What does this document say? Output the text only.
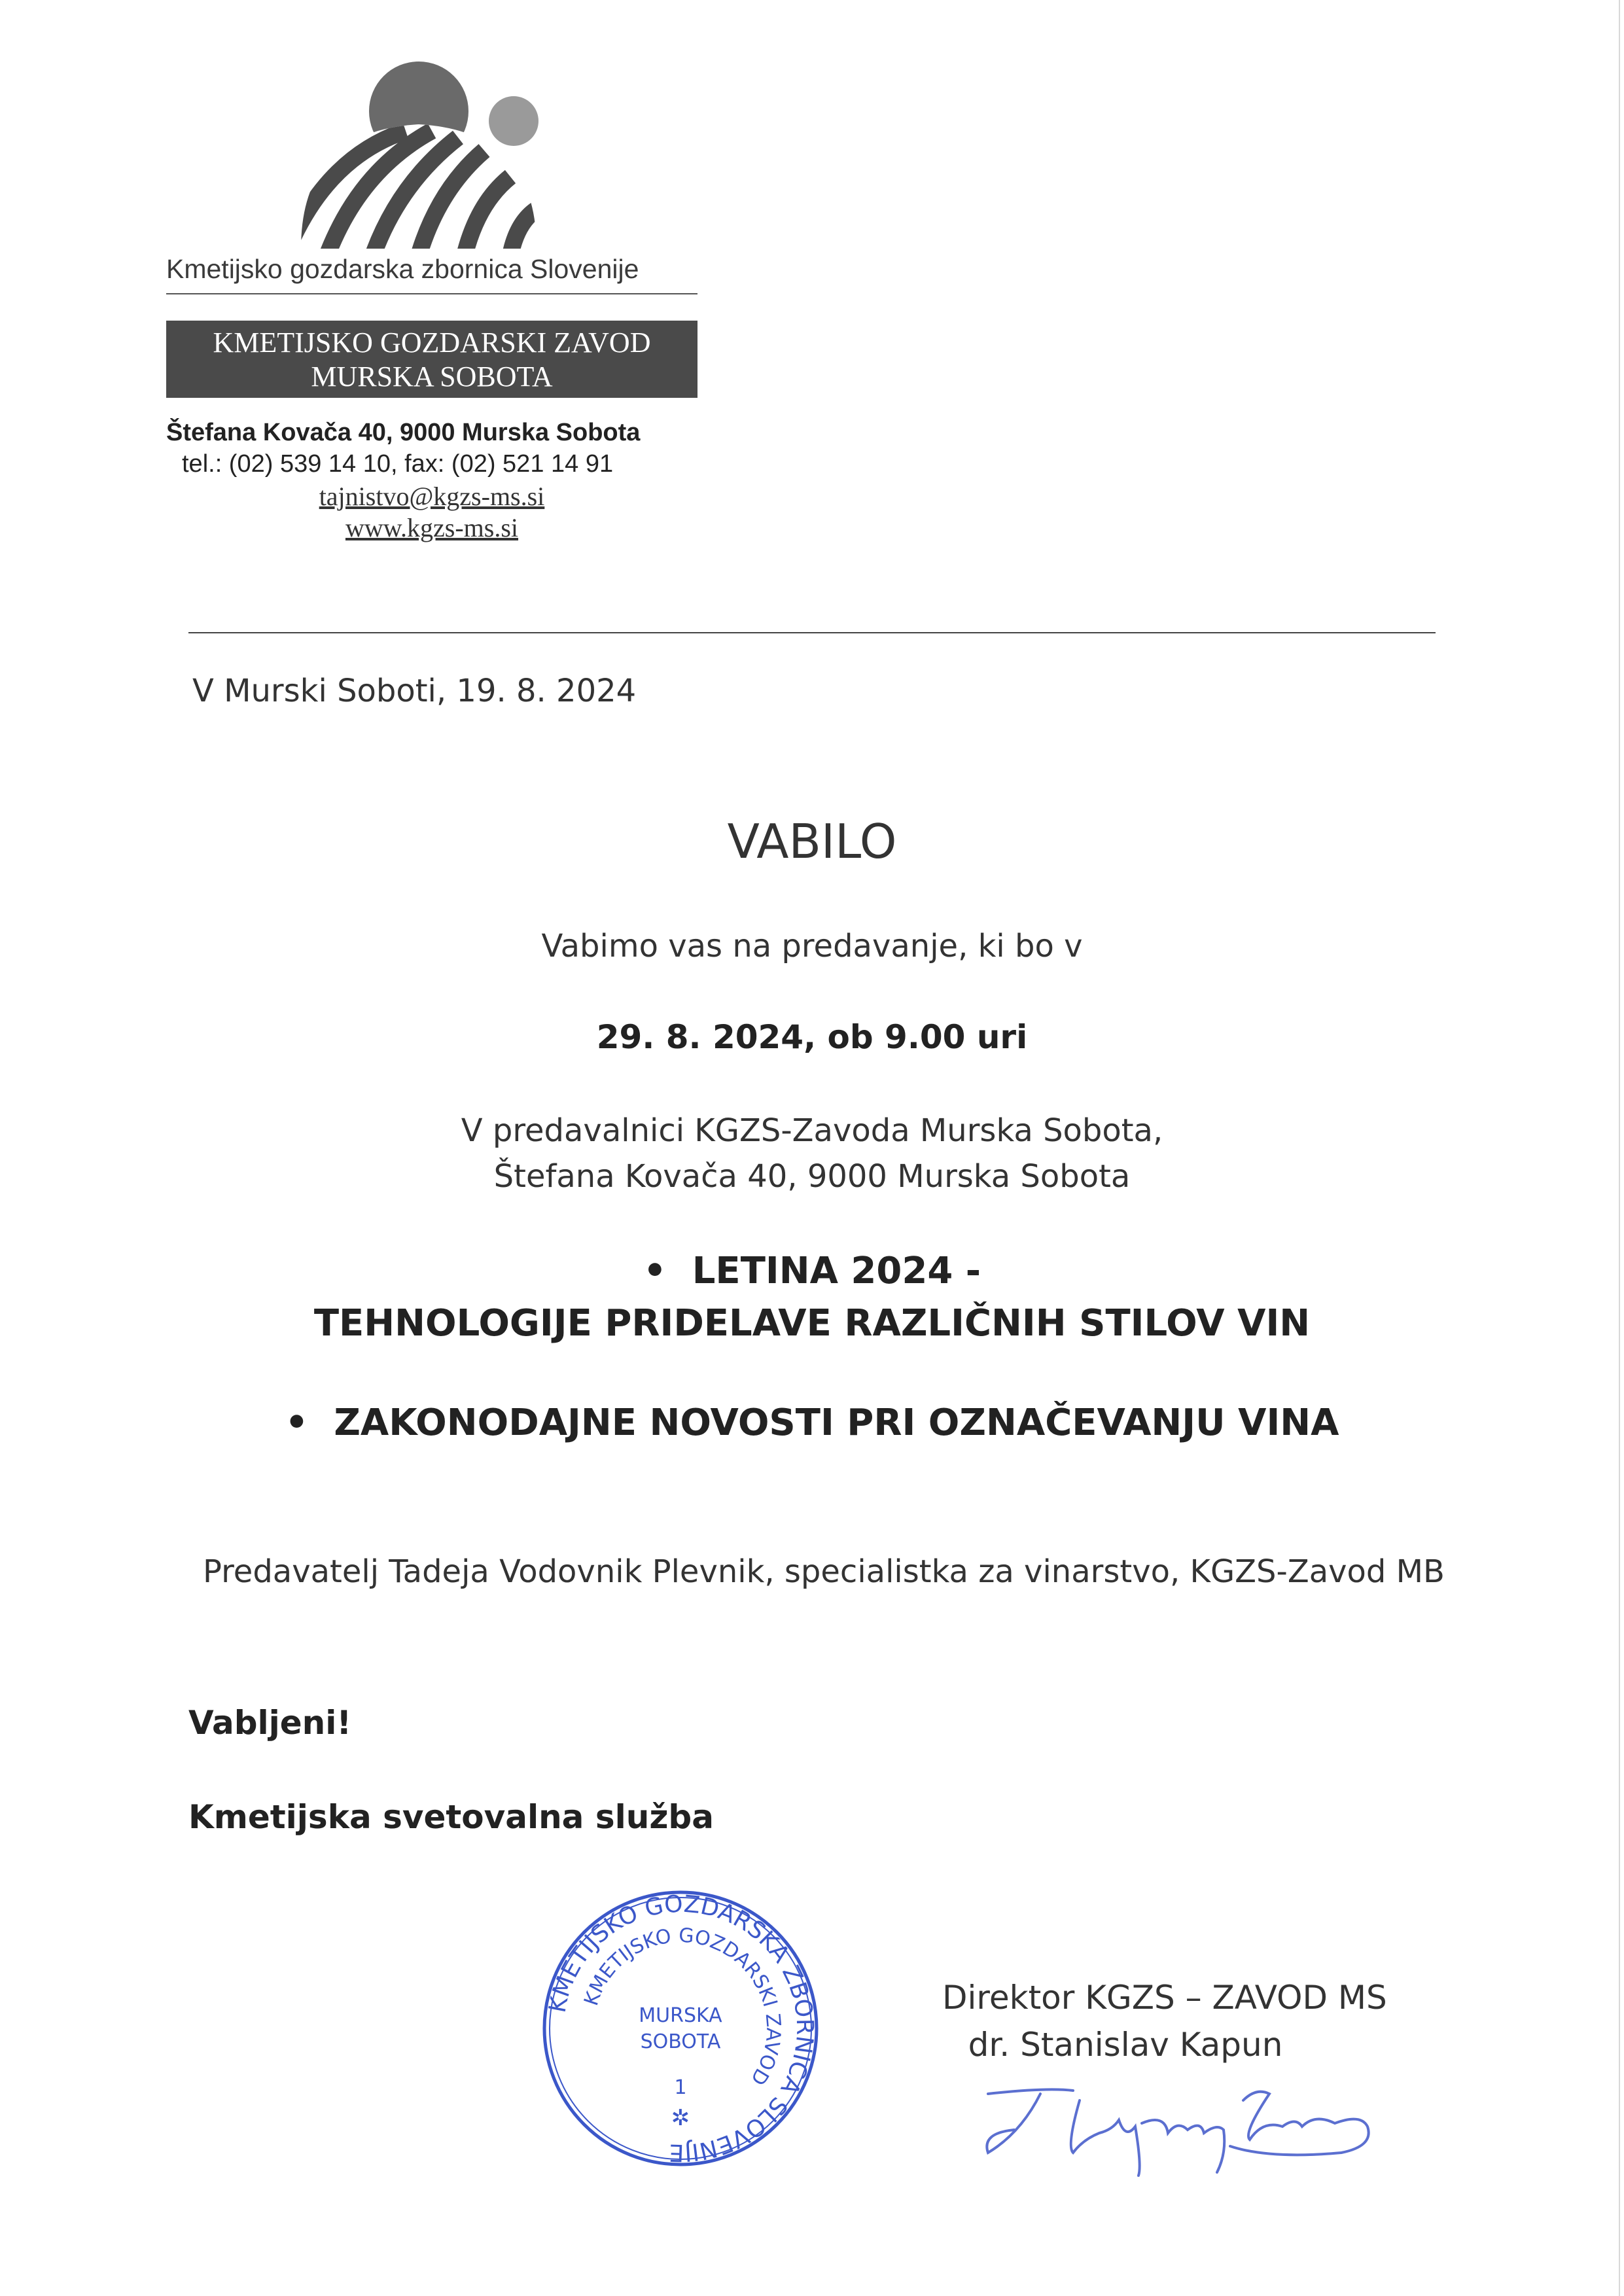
Kmetijsko gozdarska zbornica Slovenije
KMETIJSKO GOZDARSKI ZAVOD
MURSKA SOBOTA
Štefana Kovača 40, 9000 Murska Sobota
tel.: (02) 539 14 10, fax: (02) 521 14 91
tajnistvo@kgzs-ms.si
www.kgzs-ms.si
V Murski Soboti, 19. 8. 2024
VABILO
Vabimo vas na predavanje, ki bo v
29. 8. 2024, ob 9.00 uri
V predavalnici KGZS-Zavoda Murska Sobota,
Štefana Kovača 40, 9000 Murska Sobota
• LETINA 2024 -
TEHNOLOGIJE PRIDELAVE RAZLIČNIH STILOV VIN
• ZAKONODAJNE NOVOSTI PRI OZNAČEVANJU VINA
Predavatelj Tadeja Vodovnik Plevnik, specialistka za vinarstvo, KGZS-Zavod MB
Vabljeni!
Kmetijska svetovalna služba
KMETIJSKO GOZDARSKA ZBORNICA SLOVENIJE
KMETIJSKO GOZDARSKI ZAVOD
MURSKA
SOBOTA
1
✲
Direktor KGZS – ZAVOD MS
dr. Stanislav Kapun
